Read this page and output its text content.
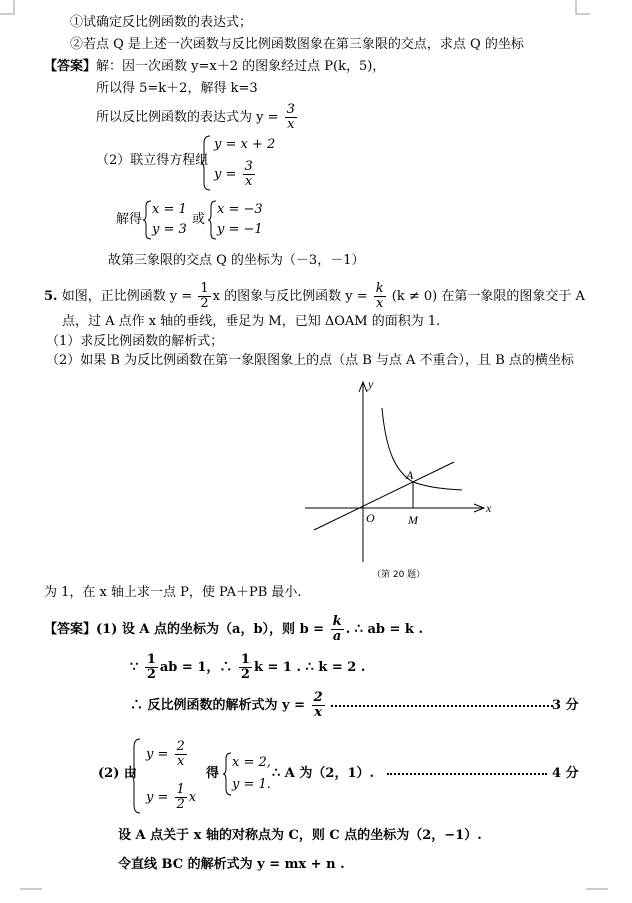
①试确定反比例函数的表达式；
②若点 Q 是上述一次函数与反比例函数图象在第三象限的交点，求点 Q 的坐标
【答案】解：因一次函数 y=x＋2 的图象经过点 P(k，5)，
所以得 5=k＋2，解得 k=3
所以反比例函数的表达式为 $y = \frac{3}{x}$
（2）联立得方程组
y = x + 2
$y = \frac{3}{x}$
解得
x = 1
y = 3
或
x = −3
y = −1
故第三象限的交点 Q 的坐标为（－3，－1）
5. 如图，正比例函数 $y = \frac{1}{2}$ x 的图象与反比例函数 $y = \frac{k}{x} (k \ne 0)$ 在第一象限的图象交于 A
点，过 A 点作 x 轴的垂线，垂足为 M，已知 ΔOAM 的面积为 1.
（1）求反比例函数的解析式；
（2）如果 B 为反比例函数在第一象限图象上的点（点 B 与点 A 不重合），且 B 点的横坐标
A
M
O
y
x
（第 20 题）
为 1，在 x 轴上求一点 P，使 PA＋PB 最小.
【答案】(1) 设 A 点的坐标为（a，b），则 $b = \frac{k}{a}$ . ∴ ab = k .
∵ $\frac{1}{2}$ ab = 1，∴ $\frac{1}{2}$ k = 1 . ∴ k = 2 .
∴ 反比例函数的解析式为 $y = \frac{2}{x}$
	3 分
(2) 由
$y = \frac{2}{x}$
$y = \frac{1}{2}$ x
得
x = 2,
y = 1.
∴ A 为（2，1）.	4 分
设 A 点关于 x 轴的对称点为 C，则 C 点的坐标为（2，−1）.
令直线 BC 的解析式为 y = mx + n .
